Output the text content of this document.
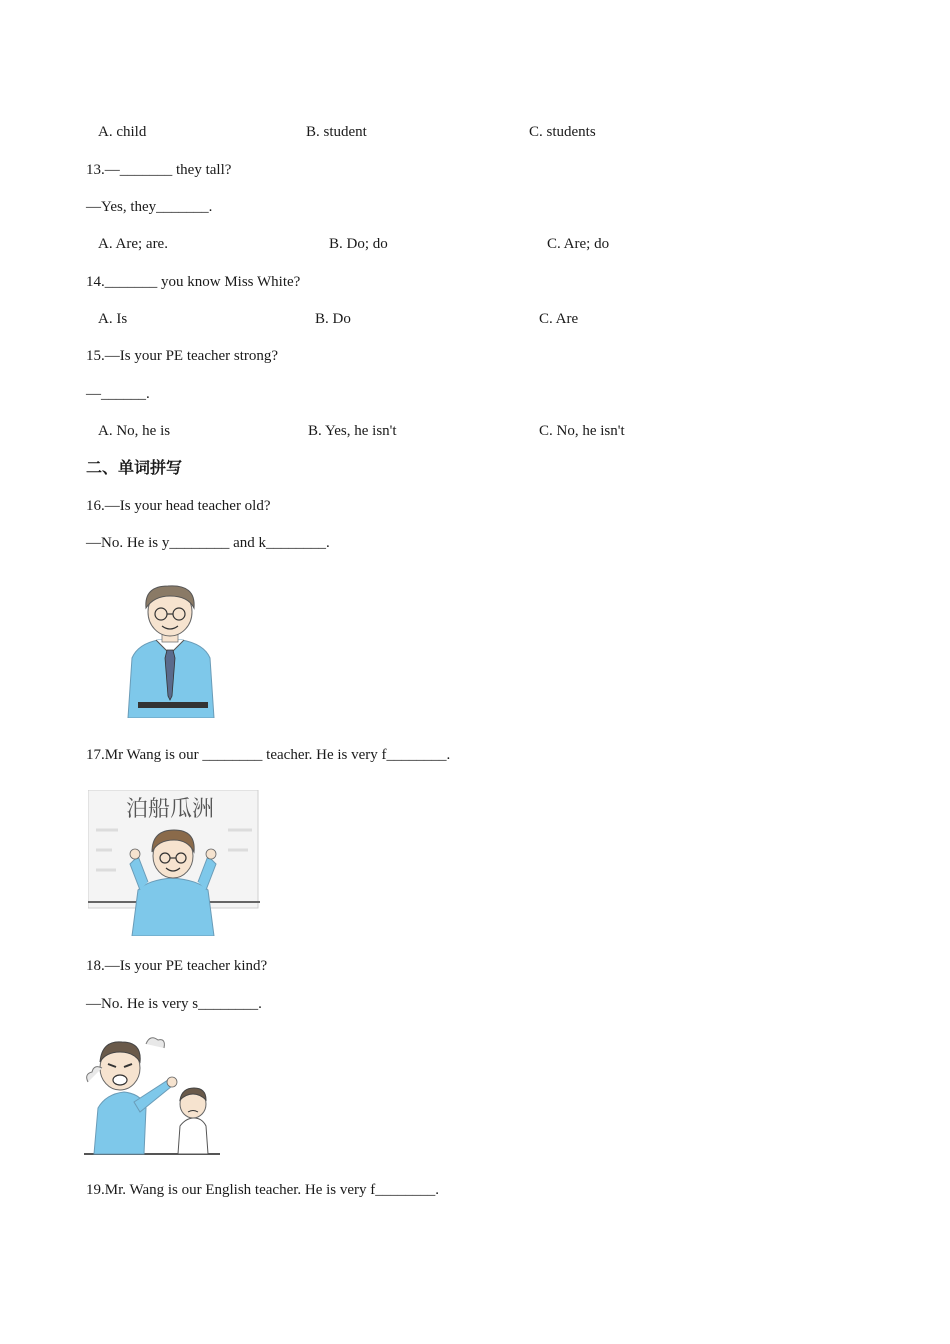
A. child	B. student	C. students
13.—_______ they tall?
—Yes, they_______.
A. Are; are.	B. Do; do	C. Are; do
14._______ you know Miss White?
A. Is	B. Do	C. Are
15.—Is your PE teacher strong?
—______.
A. No, he is	B. Yes, he isn't	C. No, he isn't
二、单词拼写
16.—Is your head teacher old?
—No. He is y________ and k________.
17.Mr Wang is our ________ teacher. He is very f________.
泊船瓜洲
18.—Is your PE teacher kind?
—No. He is very s________.
19.Mr. Wang is our English teacher. He is very f________.
